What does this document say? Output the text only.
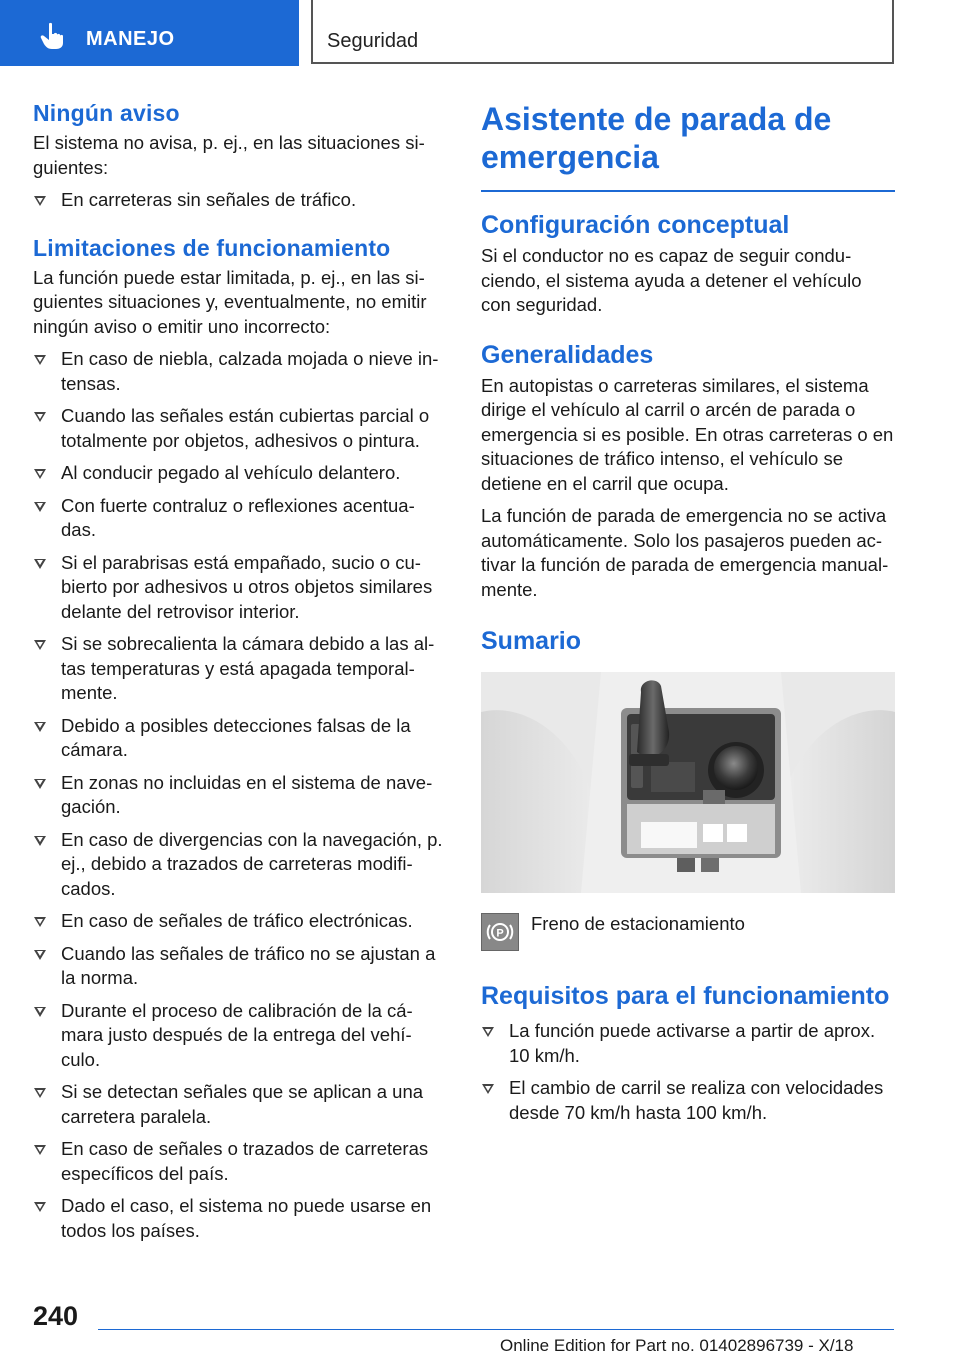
MANEJO	Seguridad
Ningún aviso

El sistema no avisa, p. ej., en las situaciones si-guientes:

En carreteras sin señales de tráfico.
Limitaciones de funcionamiento

La función puede estar limitada, p. ej., en las si-guientes situaciones y, eventualmente, no emitir ningún aviso o emitir uno incorrecto:

En caso de niebla, calzada mojada o nieve in-tensas.
Cuando las señales están cubiertas parcial o totalmente por objetos, adhesivos o pintura.
Al conducir pegado al vehículo delantero.
Con fuerte contraluz o reflexiones acentua-das.
Si el parabrisas está empañado, sucio o cu-bierto por adhesivos u otros objetos similares delante del retrovisor interior.
Si se sobrecalienta la cámara debido a las al-tas temperaturas y está apagada temporal-mente.
Debido a posibles detecciones falsas de la cámara.
En zonas no incluidas en el sistema de nave-gación.
En caso de divergencias con la navegación, p. ej., debido a trazados de carreteras modifi-cados.
En caso de señales de tráfico electrónicas.
Cuando las señales de tráfico no se ajustan a la norma.
Durante el proceso de calibración de la cá-mara justo después de la entrega del vehí-culo.
Si se detectan señales que se aplican a una carretera paralela.
En caso de señales o trazados de carreteras específicos del país.
Dado el caso, el sistema no puede usarse en todos los países.
Asistente de parada de emergencia
Configuración conceptual

Si el conductor no es capaz de seguir condu-ciendo, el sistema ayuda a detener el vehículo con seguridad.

Generalidades

En autopistas o carreteras similares, el sistema dirige el vehículo al carril o arcén de parada o emergencia si es posible. En otras carreteras o en situaciones de tráfico intenso, el vehículo se detiene en el carril que ocupa.

La función de parada de emergencia no se activa automáticamente. Solo los pasajeros pueden ac-tivar la función de parada de emergencia manual-mente.

Sumario
P Freno de estacionamiento
Requisitos para el funcionamiento
La función puede activarse a partir de aprox. 10 km/h.
El cambio de carril se realiza con velocidades desde 70 km/h hasta 100 km/h.
240
Online Edition for Part no. 01402896739 - X/18
